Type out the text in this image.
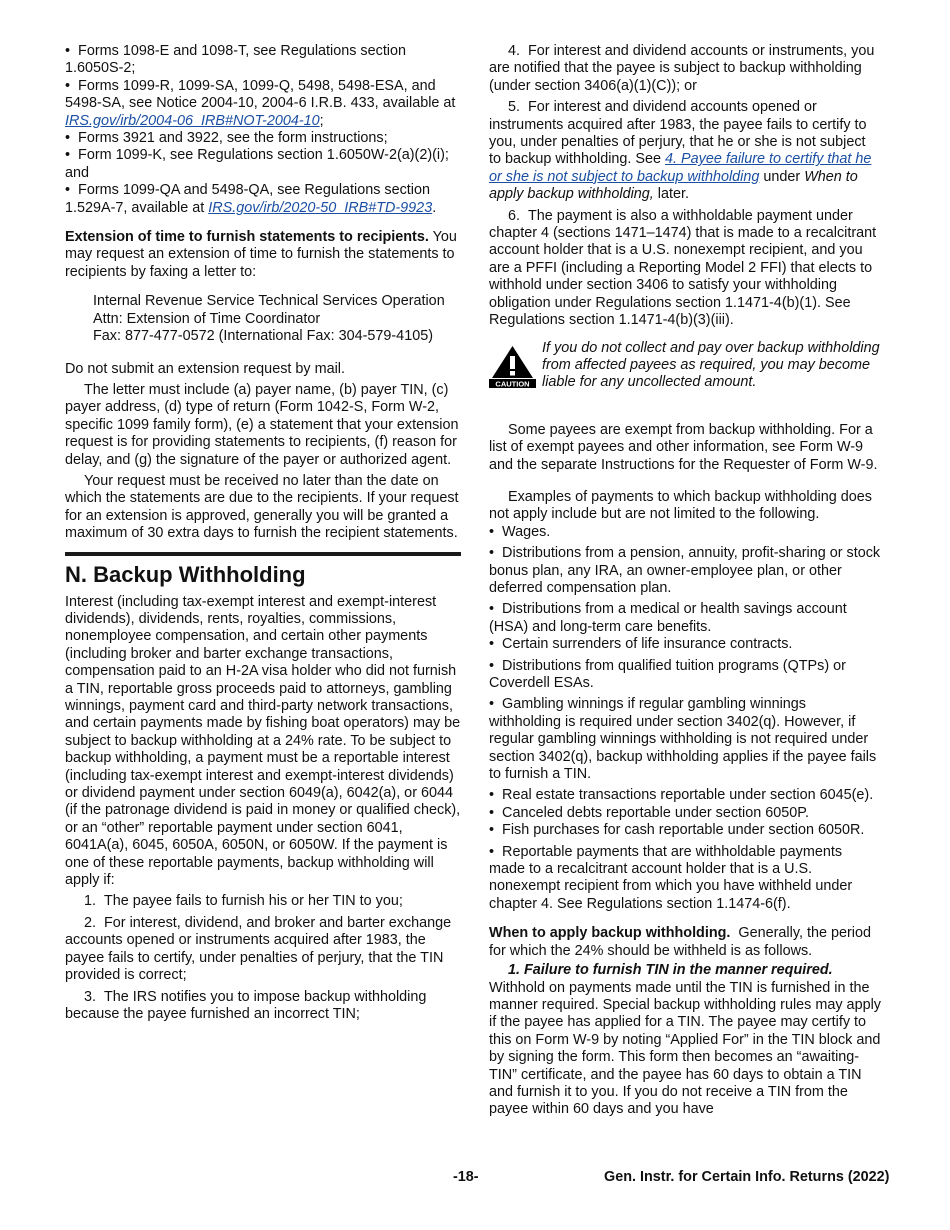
•  Forms 1098-E and 1098-T, see Regulations section 1.6050S-2;

•  Forms 1099-R, 1099-SA, 1099-Q, 5498, 5498-ESA, and 5498-SA, see Notice 2004-10, 2004-6 I.R.B. 433, available at IRS.gov/irb/2004-06_IRB#NOT-2004-10;

•  Forms 3921 and 3922, see the form instructions;

•  Form 1099-K, see Regulations section 1.6050W-2(a)(2)(i); and

•  Forms 1099-QA and 5498-QA, see Regulations section 1.529A-7, available at IRS.gov/irb/2020-50_IRB#TD-9923.

Extension of time to furnish statements to recipients. You may request an extension of time to furnish the statements to recipients by faxing a letter to:

Internal Revenue Service Technical Services Operation

Attn: Extension of Time Coordinator

Fax: 877-477-0572 (International Fax: 304-579-4105)

Do not submit an extension request by mail.

The letter must include (a) payer name, (b) payer TIN, (c) payer address, (d) type of return (Form 1042-S, Form W-2, specific 1099 family form), (e) a statement that your extension request is for providing statements to recipients, (f) reason for delay, and (g) the signature of the payer or authorized agent.

Your request must be received no later than the date on which the statements are due to the recipients. If your request for an extension is approved, generally you will be granted a maximum of 30 extra days to furnish the recipient statements.

N. Backup Withholding

Interest (including tax-exempt interest and exempt-interest dividends), dividends, rents, royalties, commissions, nonemployee compensation, and certain other payments (including broker and barter exchange transactions, compensation paid to an H-2A visa holder who did not furnish a TIN, reportable gross proceeds paid to attorneys, gambling winnings, payment card and third-party network transactions, and certain payments made by fishing boat operators) may be subject to backup withholding at a 24% rate. To be subject to backup withholding, a payment must be a reportable interest (including tax-exempt interest and exempt-interest dividends) or dividend payment under section 6049(a), 6042(a), or 6044 (if the patronage dividend is paid in money or qualified check), or an “other” reportable payment under section 6041, 6041A(a), 6045, 6050A, 6050N, or 6050W. If the payment is one of these reportable payments, backup withholding will apply if:

1.  The payee fails to furnish his or her TIN to you;

2.  For interest, dividend, and broker and barter exchange accounts opened or instruments acquired after 1983, the payee fails to certify, under penalties of perjury, that the TIN provided is correct;

3.  The IRS notifies you to impose backup withholding because the payee furnished an incorrect TIN;

4.  For interest and dividend accounts or instruments, you are notified that the payee is subject to backup withholding (under section 3406(a)(1)(C)); or

5.  For interest and dividend accounts opened or instruments acquired after 1983, the payee fails to certify to you, under penalties of perjury, that he or she is not subject to backup withholding. See 4. Payee failure to certify that he or she is not subject to backup withholding under When to apply backup withholding, later.

6.  The payment is also a withholdable payment under chapter 4 (sections 1471–1474) that is made to a recalcitrant account holder that is a U.S. nonexempt recipient, and you are a PFFI (including a Reporting Model 2 FFI) that elects to withhold under section 3406 to satisfy your withholding obligation under Regulations section 1.1471-4(b)(1). See Regulations section 1.1471-4(b)(3)(iii).

CAUTION

If you do not collect and pay over backup withholding from affected payees as required, you may become liable for any uncollected amount.

Some payees are exempt from backup withholding. For a list of exempt payees and other information, see Form W-9 and the separate Instructions for the Requester of Form W-9.

Examples of payments to which backup withholding does not apply include but are not limited to the following.

•  Wages.

•  Distributions from a pension, annuity, profit-sharing or stock bonus plan, any IRA, an owner-employee plan, or other deferred compensation plan.

•  Distributions from a medical or health savings account (HSA) and long-term care benefits.

•  Certain surrenders of life insurance contracts.

•  Distributions from qualified tuition programs (QTPs) or Coverdell ESAs.

•  Gambling winnings if regular gambling winnings withholding is required under section 3402(q). However, if regular gambling winnings withholding is not required under section 3402(q), backup withholding applies if the payee fails to furnish a TIN.

•  Real estate transactions reportable under section 6045(e).

•  Canceled debts reportable under section 6050P.

•  Fish purchases for cash reportable under section 6050R.

•  Reportable payments that are withholdable payments made to a recalcitrant account holder that is a U.S. nonexempt recipient from which you have withheld under chapter 4. See Regulations section 1.1474-6(f).

When to apply backup withholding.  Generally, the period for which the 24% should be withheld is as follows.

1. Failure to furnish TIN in the manner required. Withhold on payments made until the TIN is furnished in the manner required. Special backup withholding rules may apply if the payee has applied for a TIN. The payee may certify to this on Form W-9 by noting “Applied For” in the TIN block and by signing the form. This form then becomes an “awaiting-TIN” certificate, and the payee has 60 days to obtain a TIN and furnish it to you. If you do not receive a TIN from the payee within 60 days and you have

-18-	Gen. Instr. for Certain Info. Returns (2022)
